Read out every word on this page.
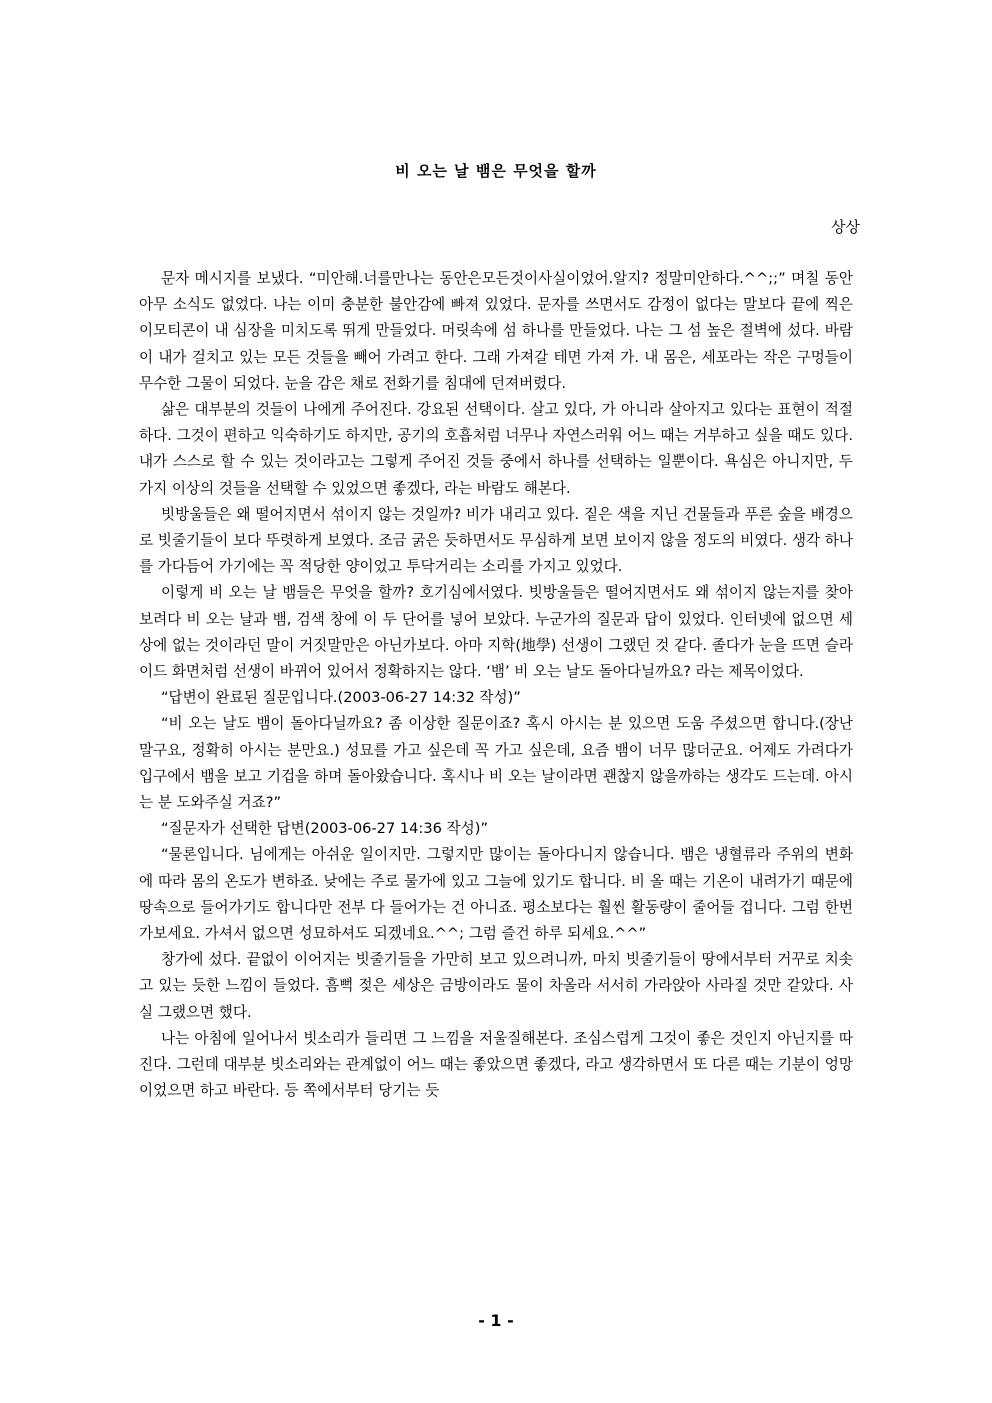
비 오는 날 뱀은 무엇을 할까
상상

문자 메시지를 보냈다. “미안해.너를만나는 동안은모든것이사실이었어.알지? 정말미안하다.^^;;” 며칠 동안 아무 소식도 없었다. 나는 이미 충분한 불안감에 빠져 있었다. 문자를 쓰면서도 감정이 없다는 말보다 끝에 찍은 이모티콘이 내 심장을 미치도록 뛰게 만들었다. 머릿속에 섬 하나를 만들었다. 나는 그 섬 높은 절벽에 섰다. 바람이 내가 걸치고 있는 모든 것들을 빼어 가려고 한다. 그래 가져갈 테면 가져 가. 내 몸은, 세포라는 작은 구멍들이 무수한 그물이 되었다. 눈을 감은 채로 전화기를 침대에 던져버렸다.

삶은 대부분의 것들이 나에게 주어진다. 강요된 선택이다. 살고 있다, 가 아니라 살아지고 있다는 표현이 적절하다. 그것이 편하고 익숙하기도 하지만, 공기의 호흡처럼 너무나 자연스러워 어느 때는 거부하고 싶을 때도 있다. 내가 스스로 할 수 있는 것이라고는 그렇게 주어진 것들 중에서 하나를 선택하는 일뿐이다. 욕심은 아니지만, 두 가지 이상의 것들을 선택할 수 있었으면 좋겠다, 라는 바람도 해본다.

빗방울들은 왜 떨어지면서 섞이지 않는 것일까? 비가 내리고 있다. 짙은 색을 지닌 건물들과 푸른 숲을 배경으로 빗줄기들이 보다 뚜렷하게 보였다. 조금 굵은 듯하면서도 무심하게 보면 보이지 않을 정도의 비였다. 생각 하나를 가다듬어 가기에는 꼭 적당한 양이었고 투닥거리는 소리를 가지고 있었다.

이렇게 비 오는 날 뱀들은 무엇을 할까? 호기심에서였다. 빗방울들은 떨어지면서도 왜 섞이지 않는지를 찾아보려다 비 오는 날과 뱀, 검색 창에 이 두 단어를 넣어 보았다. 누군가의 질문과 답이 있었다. 인터넷에 없으면 세상에 없는 것이라던 말이 거짓말만은 아닌가보다. 아마 지학(地學) 선생이 그랬던 것 같다. 졸다가 눈을 뜨면 슬라이드 화면처럼 선생이 바뀌어 있어서 정확하지는 않다. ‘뱀’ 비 오는 날도 돌아다닐까요? 라는 제목이었다.

“답변이 완료된 질문입니다.(2003-06-27 14:32 작성)”

“비 오는 날도 뱀이 돌아다닐까요? 좀 이상한 질문이죠? 혹시 아시는 분 있으면 도움 주셨으면 합니다.(장난 말구요, 정확히 아시는 분만요.) 성묘를 가고 싶은데 꼭 가고 싶은데, 요즘 뱀이 너무 많더군요. 어제도 가려다가 입구에서 뱀을 보고 기겁을 하며 돌아왔습니다. 혹시나 비 오는 날이라면 괜찮지 않을까하는 생각도 드는데. 아시는 분 도와주실 거죠?”

“질문자가 선택한 답변(2003-06-27 14:36 작성)”

“물론입니다. 님에게는 아쉬운 일이지만. 그렇지만 많이는 돌아다니지 않습니다. 뱀은 냉혈류라 주위의 변화에 따라 몸의 온도가 변하죠. 낮에는 주로 물가에 있고 그늘에 있기도 합니다. 비 올 때는 기온이 내려가기 때문에 땅속으로 들어가기도 합니다만 전부 다 들어가는 건 아니죠. 평소보다는 훨씬 활동량이 줄어들 겁니다. 그럼 한번 가보세요. 가셔서 없으면 성묘하셔도 되겠네요.^^; 그럼 즐건 하루 되세요.^^”

창가에 섰다. 끝없이 이어지는 빗줄기들을 가만히 보고 있으려니까, 마치 빗줄기들이 땅에서부터 거꾸로 치솟고 있는 듯한 느낌이 들었다. 흠뻑 젖은 세상은 금방이라도 물이 차올라 서서히 가라앉아 사라질 것만 같았다. 사실 그랬으면 했다.

나는 아침에 일어나서 빗소리가 들리면 그 느낌을 저울질해본다. 조심스럽게 그것이 좋은 것인지 아닌지를 따진다. 그런데 대부분 빗소리와는 관계없이 어느 때는 좋았으면 좋겠다, 라고 생각하면서 또 다른 때는 기분이 엉망이었으면 하고 바란다. 등 쪽에서부터 당기는 듯

- 1 -
